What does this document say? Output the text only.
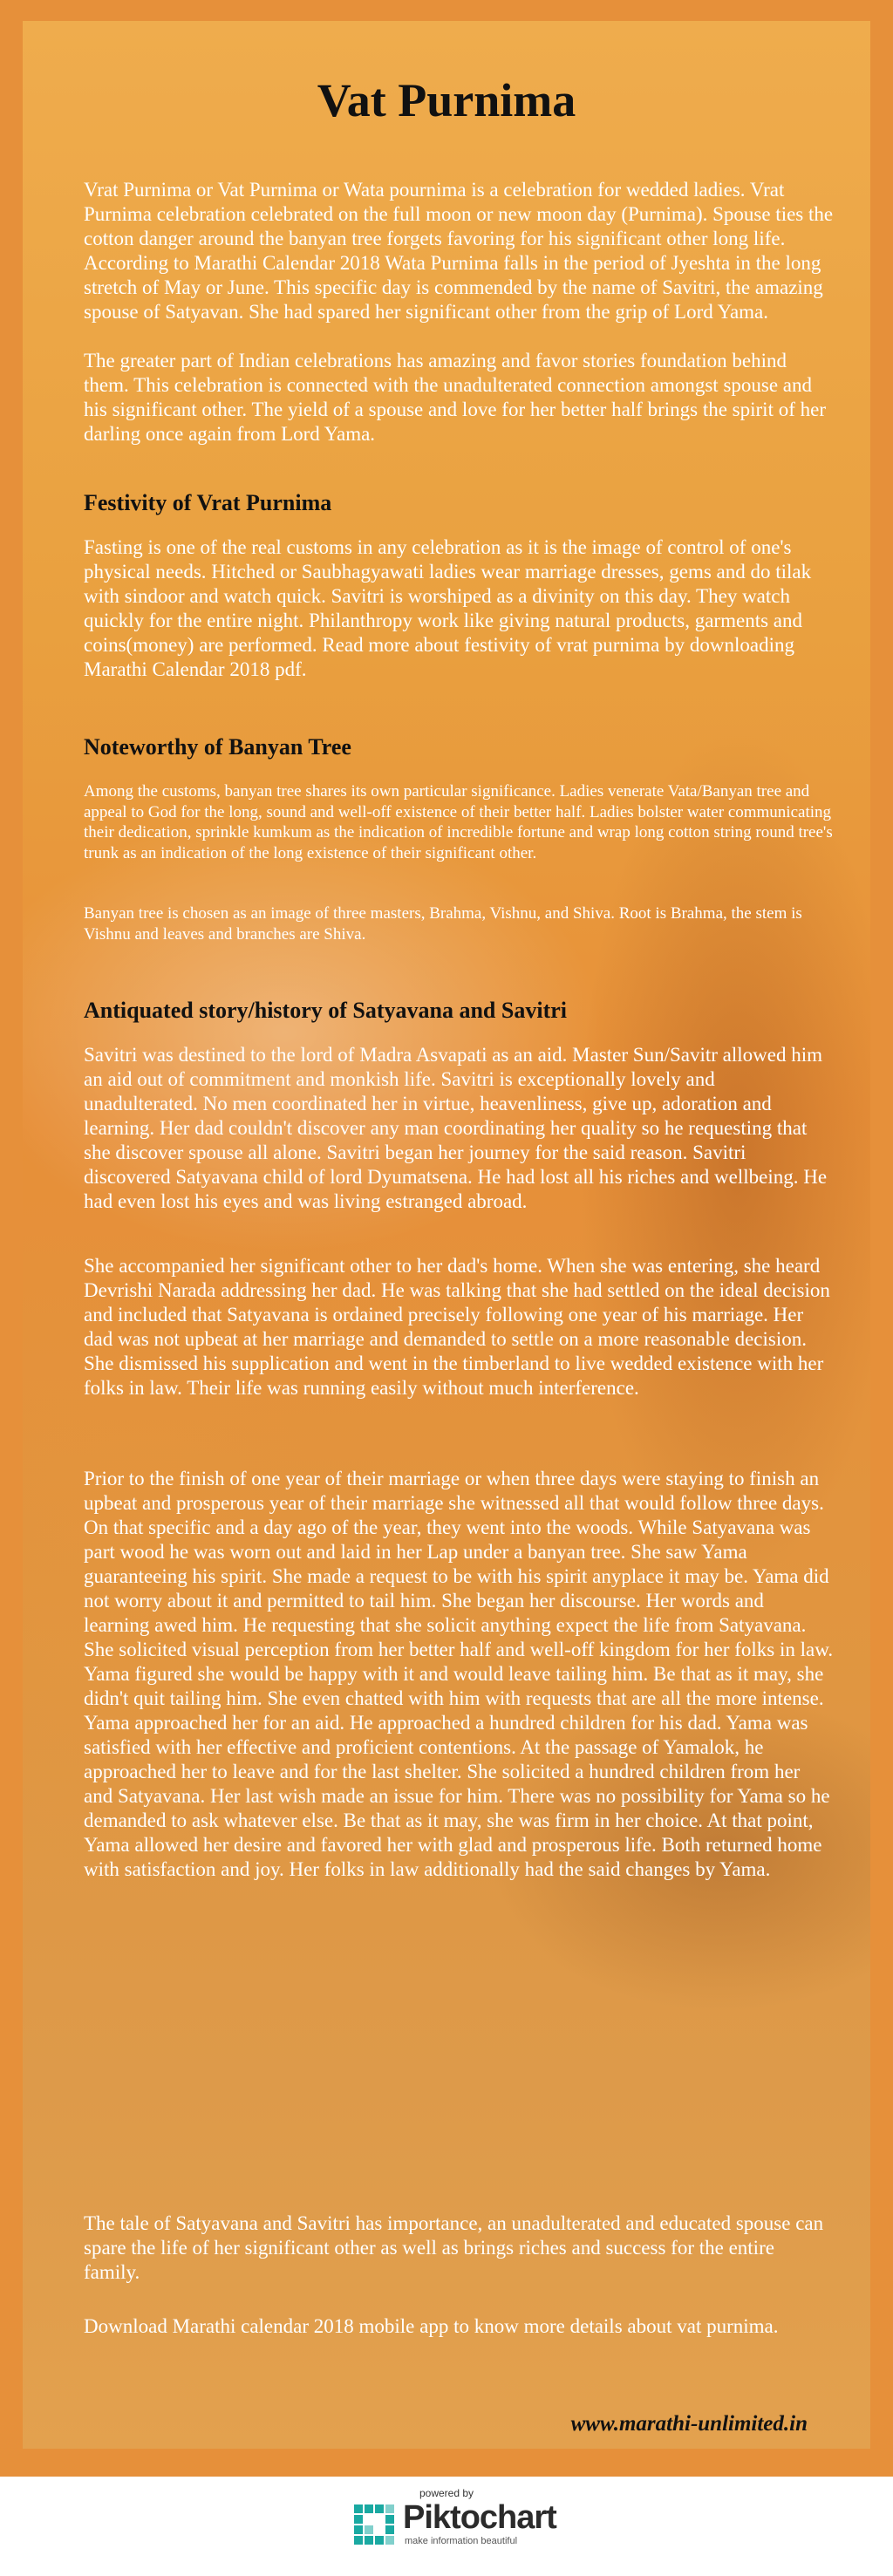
Vat Purnima

Vrat Purnima or Vat Purnima or Wata pournima is a celebration for wedded ladies. Vrat Purnima celebration celebrated on the full moon or new moon day (Purnima). Spouse ties the cotton danger around the banyan tree forgets favoring for his significant other long life.

According to Marathi Calendar 2018 Wata Purnima falls in the period of Jyeshta in the long stretch of May or June. This specific day is commended by the name of Savitri, the amazing spouse of Satyavan. She had spared her significant other from the grip of Lord Yama.

The greater part of Indian celebrations has amazing and favor stories foundation behind them. This celebration is connected with the unadulterated connection amongst spouse and his significant other. The yield of a spouse and love for her better half brings the spirit of her darling once again from Lord Yama.

Festivity of Vrat Purnima

Fasting is one of the real customs in any celebration as it is the image of control of one's physical needs. Hitched or Saubhagyawati ladies wear marriage dresses, gems and do tilak with sindoor and watch quick. Savitri is worshiped as a divinity on this day. They watch quickly for the entire night. Philanthropy work like giving natural products, garments and coins(money) are performed. Read more about festivity of vrat purnima by downloading Marathi Calendar 2018 pdf.

Noteworthy of Banyan Tree

Among the customs, banyan tree shares its own particular significance. Ladies venerate Vata/Banyan tree and appeal to God for the long, sound and well-off existence of their better half. Ladies bolster water communicating their dedication, sprinkle kumkum as the indication of incredible fortune and wrap long cotton string round tree's trunk as an indication of the long existence of their significant other.

Banyan tree is chosen as an image of three masters, Brahma, Vishnu, and Shiva. Root is Brahma, the stem is Vishnu and leaves and branches are Shiva.

Antiquated story/history of Satyavana and Savitri

Savitri was destined to the lord of Madra Asvapati as an aid. Master Sun/Savitr allowed him an aid out of commitment and monkish life. Savitri is exceptionally lovely and unadulterated. No men coordinated her in virtue, heavenliness, give up, adoration and learning. Her dad couldn't discover any man coordinating her quality so he requesting that she discover spouse all alone. Savitri began her journey for the said reason. Savitri discovered Satyavana child of lord Dyumatsena. He had lost all his riches and wellbeing. He had even lost his eyes and was living estranged abroad.

She accompanied her significant other to her dad's home. When she was entering, she heard Devrishi Narada addressing her dad. He was talking that she had settled on the ideal decision and included that Satyavana is ordained precisely following one year of his marriage. Her dad was not upbeat at her marriage and demanded to settle on a more reasonable decision. She dismissed his supplication and went in the timberland to live wedded existence with her folks in law. Their life was running easily without much interference.

Prior to the finish of one year of their marriage or when three days were staying to finish an upbeat and prosperous year of their marriage she witnessed all that would follow three days. On that specific and a day ago of the year, they went into the woods. While Satyavana was part wood he was worn out and laid in her Lap under a banyan tree. She saw Yama guaranteeing his spirit. She made a request to be with his spirit anyplace it may be. Yama did not worry about it and permitted to tail him. She began her discourse. Her words and learning awed him. He requesting that she solicit anything expect the life from Satyavana. She solicited visual perception from her better half and well-off kingdom for her folks in law. Yama figured she would be happy with it and would leave tailing him. Be that as it may, she didn't quit tailing him. She even chatted with him with requests that are all the more intense. Yama approached her for an aid. He approached a hundred children for his dad. Yama was satisfied with her effective and proficient contentions. At the passage of Yamalok, he approached her to leave and for the last shelter. She solicited a hundred children from her and Satyavana. Her last wish made an issue for him. There was no possibility for Yama so he demanded to ask whatever else. Be that as it may, she was firm in her choice. At that point, Yama allowed her desire and favored her with glad and prosperous life. Both returned home with satisfaction and joy. Her folks in law additionally had the said changes by Yama.

The tale of Satyavana and Savitri has importance, an unadulterated and educated spouse can spare the life of her significant other as well as brings riches and success for the entire family.

Download Marathi calendar 2018 mobile app to know more details about vat purnima.

www.marathi-unlimited.in

powered by

Piktochart
make information beautiful
